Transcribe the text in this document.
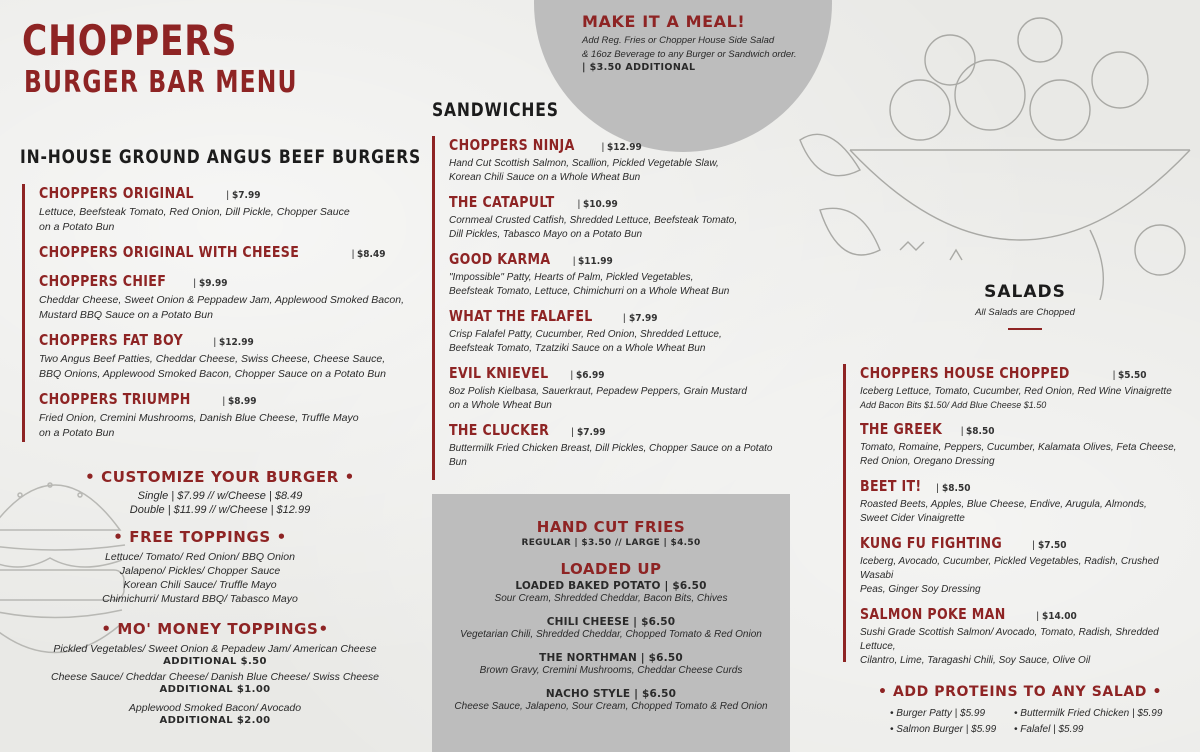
CHOPPERS
BURGER BAR MENU
IN-HOUSE GROUND ANGUS BEEF BURGERS
CHOPPERS ORIGINAL	| $7.99
Lettuce, Beefsteak Tomato, Red Onion, Dill Pickle, Chopper Sauce
on a Potato Bun
CHOPPERS ORIGINAL WITH CHEESE	| $8.49
CHOPPERS CHIEF	| $9.99
Cheddar Cheese, Sweet Onion & Peppadew Jam, Applewood Smoked Bacon,
Mustard BBQ Sauce on a Potato Bun
CHOPPERS FAT BOY	| $12.99
Two Angus Beef Patties, Cheddar Cheese, Swiss Cheese, Cheese Sauce,
BBQ Onions, Applewood Smoked Bacon, Chopper Sauce on a Potato Bun
CHOPPERS TRIUMPH	| $8.99
Fried Onion, Cremini Mushrooms, Danish Blue Cheese, Truffle Mayo
on a Potato Bun
• CUSTOMIZE YOUR BURGER •
Single | $7.99 // w/Cheese | $8.49
Double | $11.99 // w/Cheese | $12.99
• FREE TOPPINGS •
Lettuce/ Tomato/ Red Onion/ BBQ Onion
Jalapeno/ Pickles/ Chopper Sauce
Korean Chili Sauce/ Truffle Mayo
Chimichurri/ Mustard BBQ/ Tabasco Mayo
• MO' MONEY TOPPINGS•
Pickled Vegetables/ Sweet Onion & Pepadew Jam/ American Cheese
ADDITIONAL $.50
Cheese Sauce/ Cheddar Cheese/ Danish Blue Cheese/ Swiss Cheese
ADDITIONAL $1.00
Applewood Smoked Bacon/ Avocado
ADDITIONAL $2.00
MAKE IT A MEAL!
Add Reg. Fries or Chopper House Side Salad
& 16oz Beverage to any Burger or Sandwich order.
| $3.50 ADDITIONAL
SANDWICHES
CHOPPERS NINJA	| $12.99
Hand Cut Scottish Salmon, Scallion, Pickled Vegetable Slaw,
Korean Chili Sauce on a Whole Wheat Bun
THE CATAPULT | $10.99
Cornmeal Crusted Catfish, Shredded Lettuce, Beefsteak Tomato,
Dill Pickles, Tabasco Mayo on a Potato Bun
GOOD KARMA | $11.99
"Impossible" Patty, Hearts of Palm, Pickled Vegetables,
Beefsteak Tomato, Lettuce, Chimichurri on a Whole Wheat Bun
WHAT THE FALAFEL	| $7.99
Crisp Falafel Patty, Cucumber, Red Onion, Shredded Lettuce,
Beefsteak Tomato, Tzatziki Sauce on a Whole Wheat Bun
EVIL KNIEVEL | $6.99
8oz Polish Kielbasa, Sauerkraut, Pepadew Peppers, Grain Mustard
on a Whole Wheat Bun
THE CLUCKER | $7.99
Buttermilk Fried Chicken Breast, Dill Pickles, Chopper Sauce on a Potato Bun
HAND CUT FRIES
REGULAR | $3.50 // LARGE | $4.50
LOADED UP
LOADED BAKED POTATO | $6.50
Sour Cream, Shredded Cheddar, Bacon Bits, Chives
CHILI CHEESE | $6.50
Vegetarian Chili, Shredded Cheddar, Chopped Tomato & Red Onion
THE NORTHMAN | $6.50
Brown Gravy, Cremini Mushrooms, Cheddar Cheese Curds
NACHO STYLE | $6.50
Cheese Sauce, Jalapeno, Sour Cream, Chopped Tomato & Red Onion
SALADS
All Salads are Chopped
CHOPPERS HOUSE CHOPPED	| $5.50
Iceberg Lettuce, Tomato, Cucumber, Red Onion, Red Wine Vinaigrette
Add Bacon Bits $1.50/ Add Blue Cheese $1.50
THE GREEK | $8.50
Tomato, Romaine, Peppers, Cucumber, Kalamata Olives, Feta Cheese,
Red Onion, Oregano Dressing
BEET IT! | $8.50
Roasted Beets, Apples, Blue Cheese, Endive, Arugula, Almonds,
Sweet Cider Vinaigrette
KUNG FU FIGHTING	| $7.50
Iceberg, Avocado, Cucumber, Pickled Vegetables, Radish, Crushed Wasabi
Peas, Ginger Soy Dressing
SALMON POKE MAN	| $14.00
Sushi Grade Scottish Salmon/ Avocado, Tomato, Radish, Shredded Lettuce,
Cilantro, Lime, Taragashi Chili, Soy Sauce, Olive Oil
• ADD PROTEINS TO ANY SALAD •
• Burger Patty | $5.99	• Buttermilk Fried Chicken | $5.99
• Salmon Burger | $5.99 • Falafel | $5.99
